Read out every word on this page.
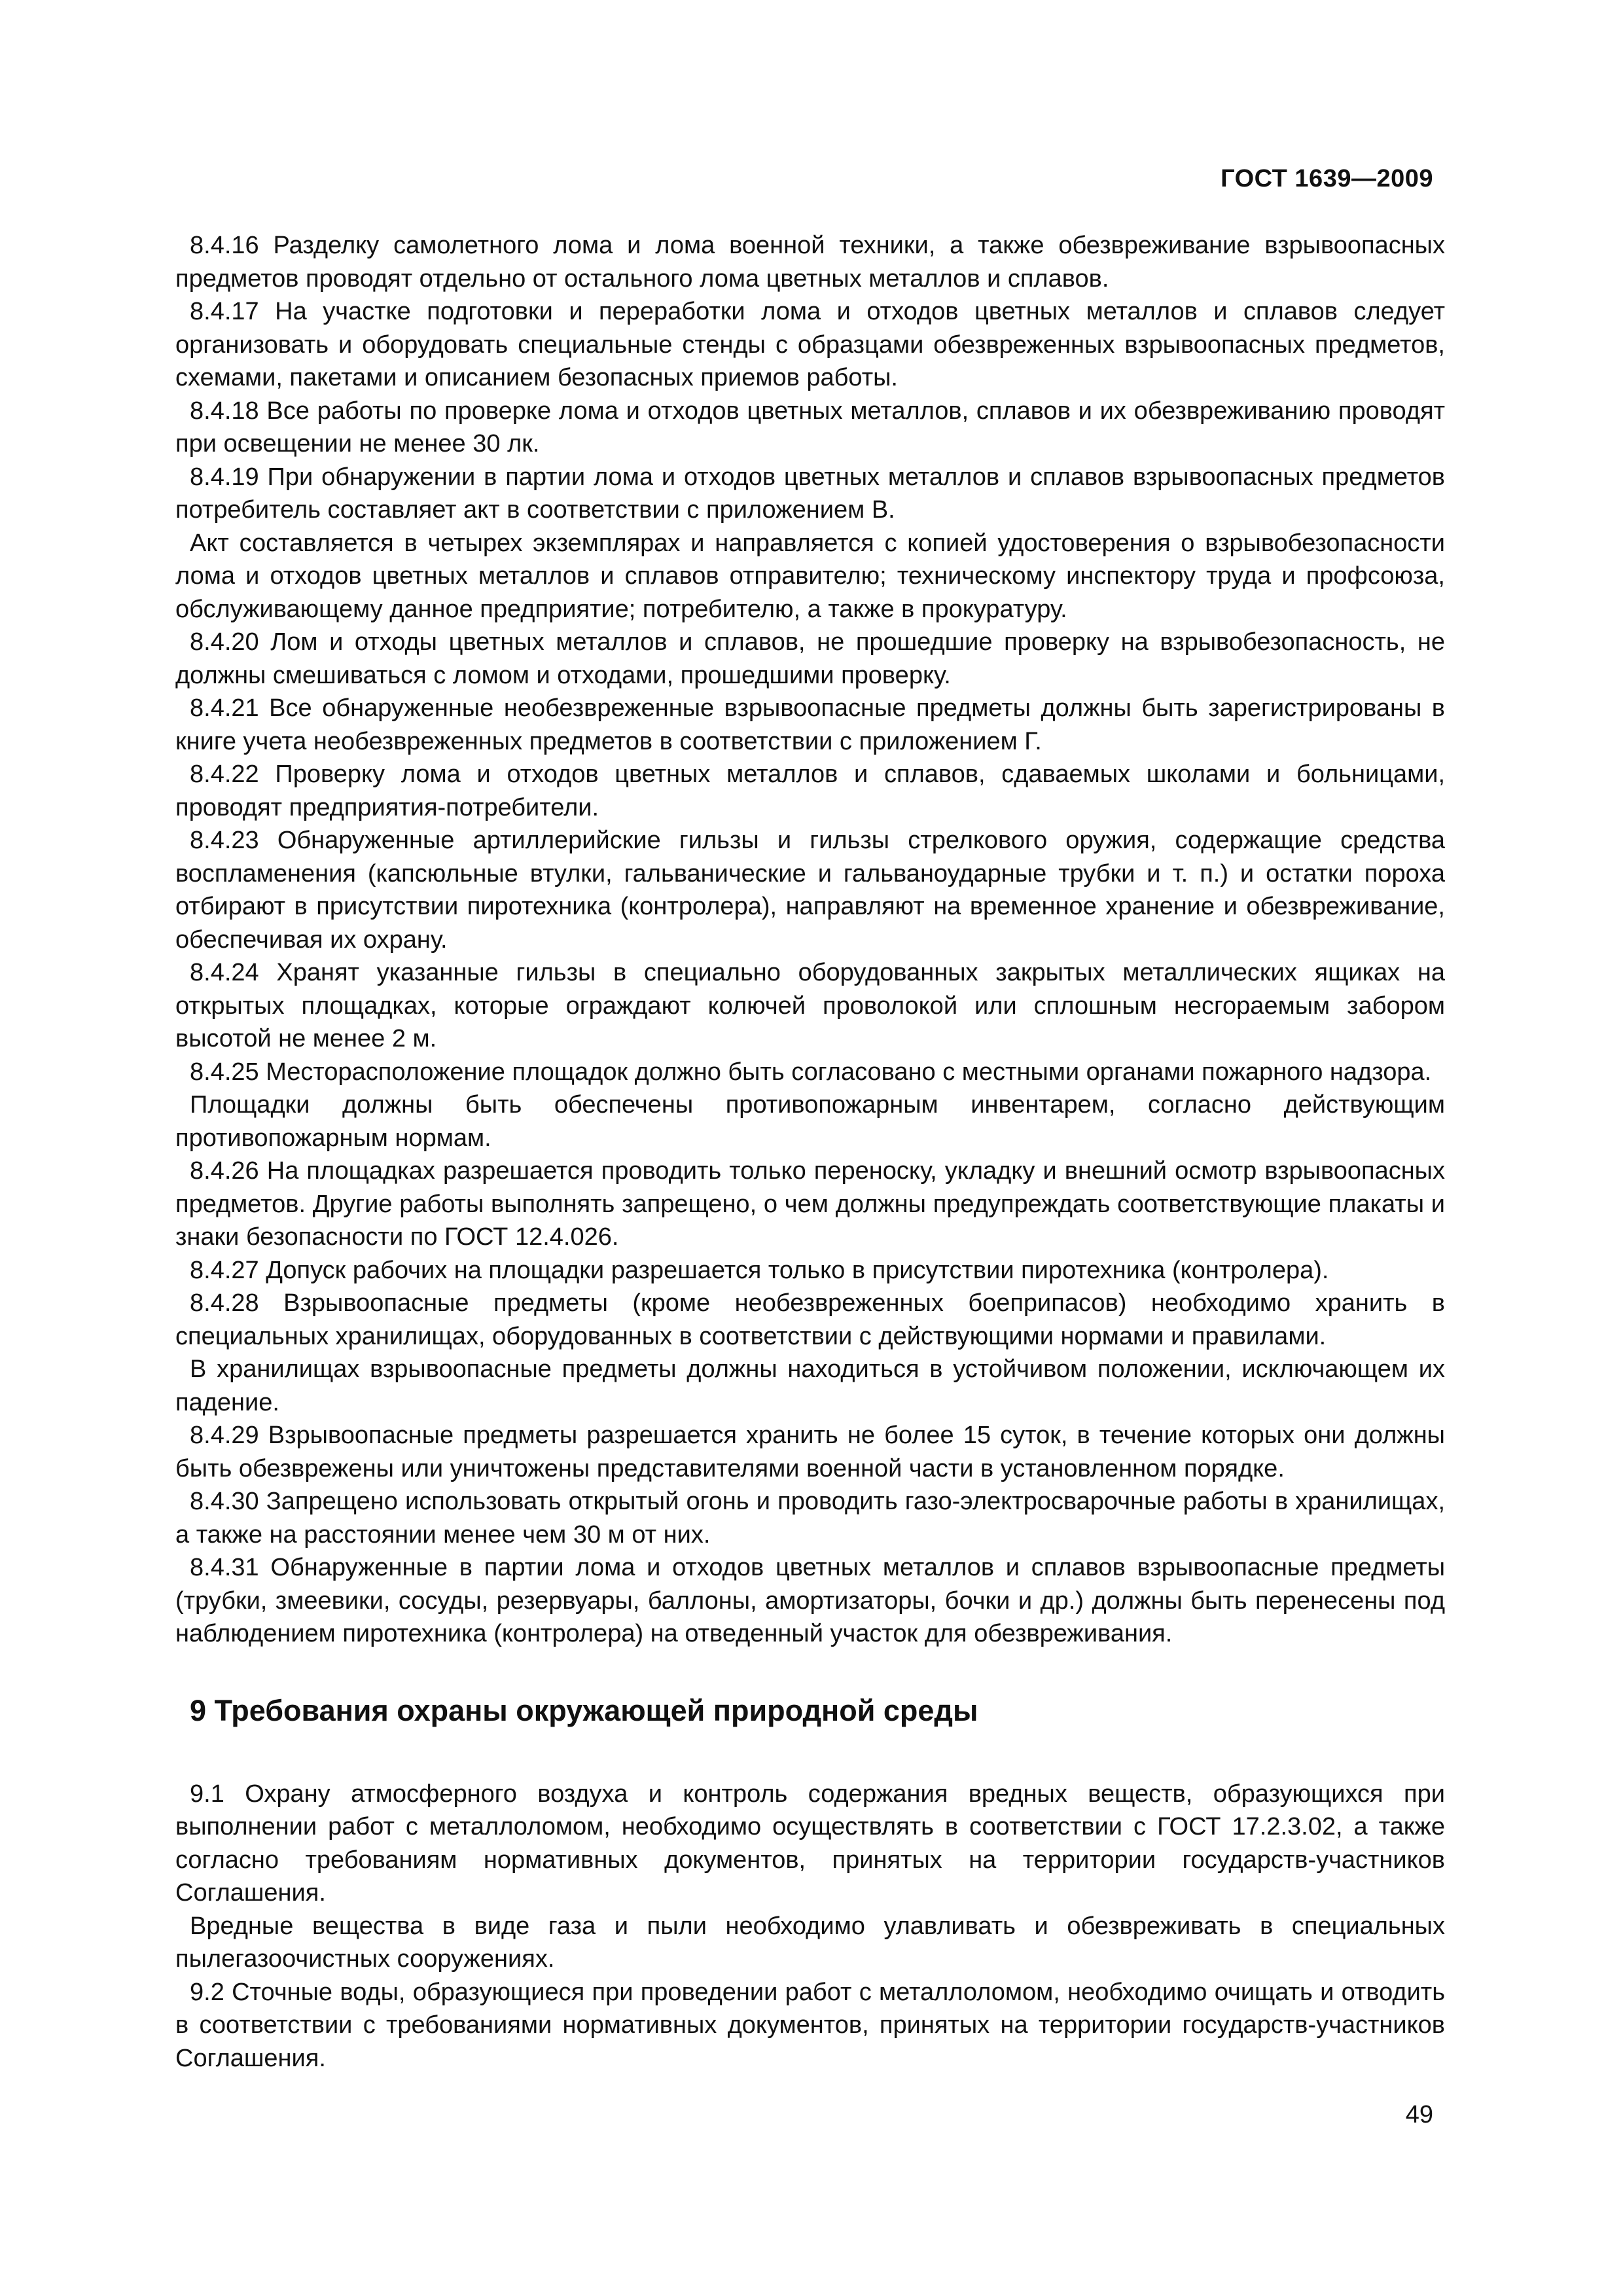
ГОСТ 1639—2009

8.4.16 Разделку самолетного лома и лома военной техники, а также обезвреживание взрывоопасных предметов проводят отдельно от остального лома цветных металлов и сплавов.

8.4.17 На участке подготовки и переработки лома и отходов цветных металлов и сплавов следует организовать и оборудовать специальные стенды с образцами обезвреженных взрывоопасных предметов, схемами, пакетами и описанием безопасных приемов работы.

8.4.18 Все работы по проверке лома и отходов цветных металлов, сплавов и их обезвреживанию проводят при освещении не менее 30 лк.

8.4.19 При обнаружении в партии лома и отходов цветных металлов и сплавов взрывоопасных предметов потребитель составляет акт в соответствии с приложением В.

Акт составляется в четырех экземплярах и направляется с копией удостоверения о взрывобезопасности лома и отходов цветных металлов и сплавов отправителю; техническому инспектору труда и профсоюза, обслуживающему данное предприятие; потребителю, а также в прокуратуру.

8.4.20 Лом и отходы цветных металлов и сплавов, не прошедшие проверку на взрывобезопасность, не должны смешиваться с ломом и отходами, прошедшими проверку.

8.4.21 Все обнаруженные необезвреженные взрывоопасные предметы должны быть зарегистрированы в книге учета необезвреженных предметов в соответствии с приложением Г.

8.4.22 Проверку лома и отходов цветных металлов и сплавов, сдаваемых школами и больницами, проводят предприятия-потребители.

8.4.23 Обнаруженные артиллерийские гильзы и гильзы стрелкового оружия, содержащие средства воспламенения (капсюльные втулки, гальванические и гальваноударные трубки и т. п.) и остатки пороха отбирают в присутствии пиротехника (контролера), направляют на временное хранение и обезвреживание, обеспечивая их охрану.

8.4.24 Хранят указанные гильзы в специально оборудованных закрытых металлических ящиках на открытых площадках, которые ограждают колючей проволокой или сплошным несгораемым забором высотой не менее 2 м.

8.4.25 Месторасположение площадок должно быть согласовано с местными органами пожарного надзора.

Площадки должны быть обеспечены противопожарным инвентарем, согласно действующим противопожарным нормам.

8.4.26 На площадках разрешается проводить только переноску, укладку и внешний осмотр взрывоопасных предметов. Другие работы выполнять запрещено, о чем должны предупреждать соответствующие плакаты и знаки безопасности по ГОСТ 12.4.026.

8.4.27 Допуск рабочих на площадки разрешается только в присутствии пиротехника (контролера).

8.4.28 Взрывоопасные предметы (кроме необезвреженных боеприпасов) необходимо хранить в специальных хранилищах, оборудованных в соответствии с действующими нормами и правилами.

В хранилищах взрывоопасные предметы должны находиться в устойчивом положении, исключающем их падение.

8.4.29 Взрывоопасные предметы разрешается хранить не более 15 суток, в течение которых они должны быть обезврежены или уничтожены представителями военной части в установленном порядке.

8.4.30 Запрещено использовать открытый огонь и проводить газо-электросварочные работы в хранилищах, а также на расстоянии менее чем 30 м от них.

8.4.31 Обнаруженные в партии лома и отходов цветных металлов и сплавов взрывоопасные предметы (трубки, змеевики, сосуды, резервуары, баллоны, амортизаторы, бочки и др.) должны быть перенесены под наблюдением пиротехника (контролера) на отведенный участок для обезвреживания.

9 Требования охраны окружающей природной среды

9.1 Охрану атмосферного воздуха и контроль содержания вредных веществ, образующихся при выполнении работ с металлоломом, необходимо осуществлять в соответствии с ГОСТ 17.2.3.02, а также согласно требованиям нормативных документов, принятых на территории государств-участников Соглашения.

Вредные вещества в виде газа и пыли необходимо улавливать и обезвреживать в специальных пылегазоочистных сооружениях.

9.2 Сточные воды, образующиеся при проведении работ с металлоломом, необходимо очищать и отводить в соответствии с требованиями нормативных документов, принятых на территории государств-участников Соглашения.

49
